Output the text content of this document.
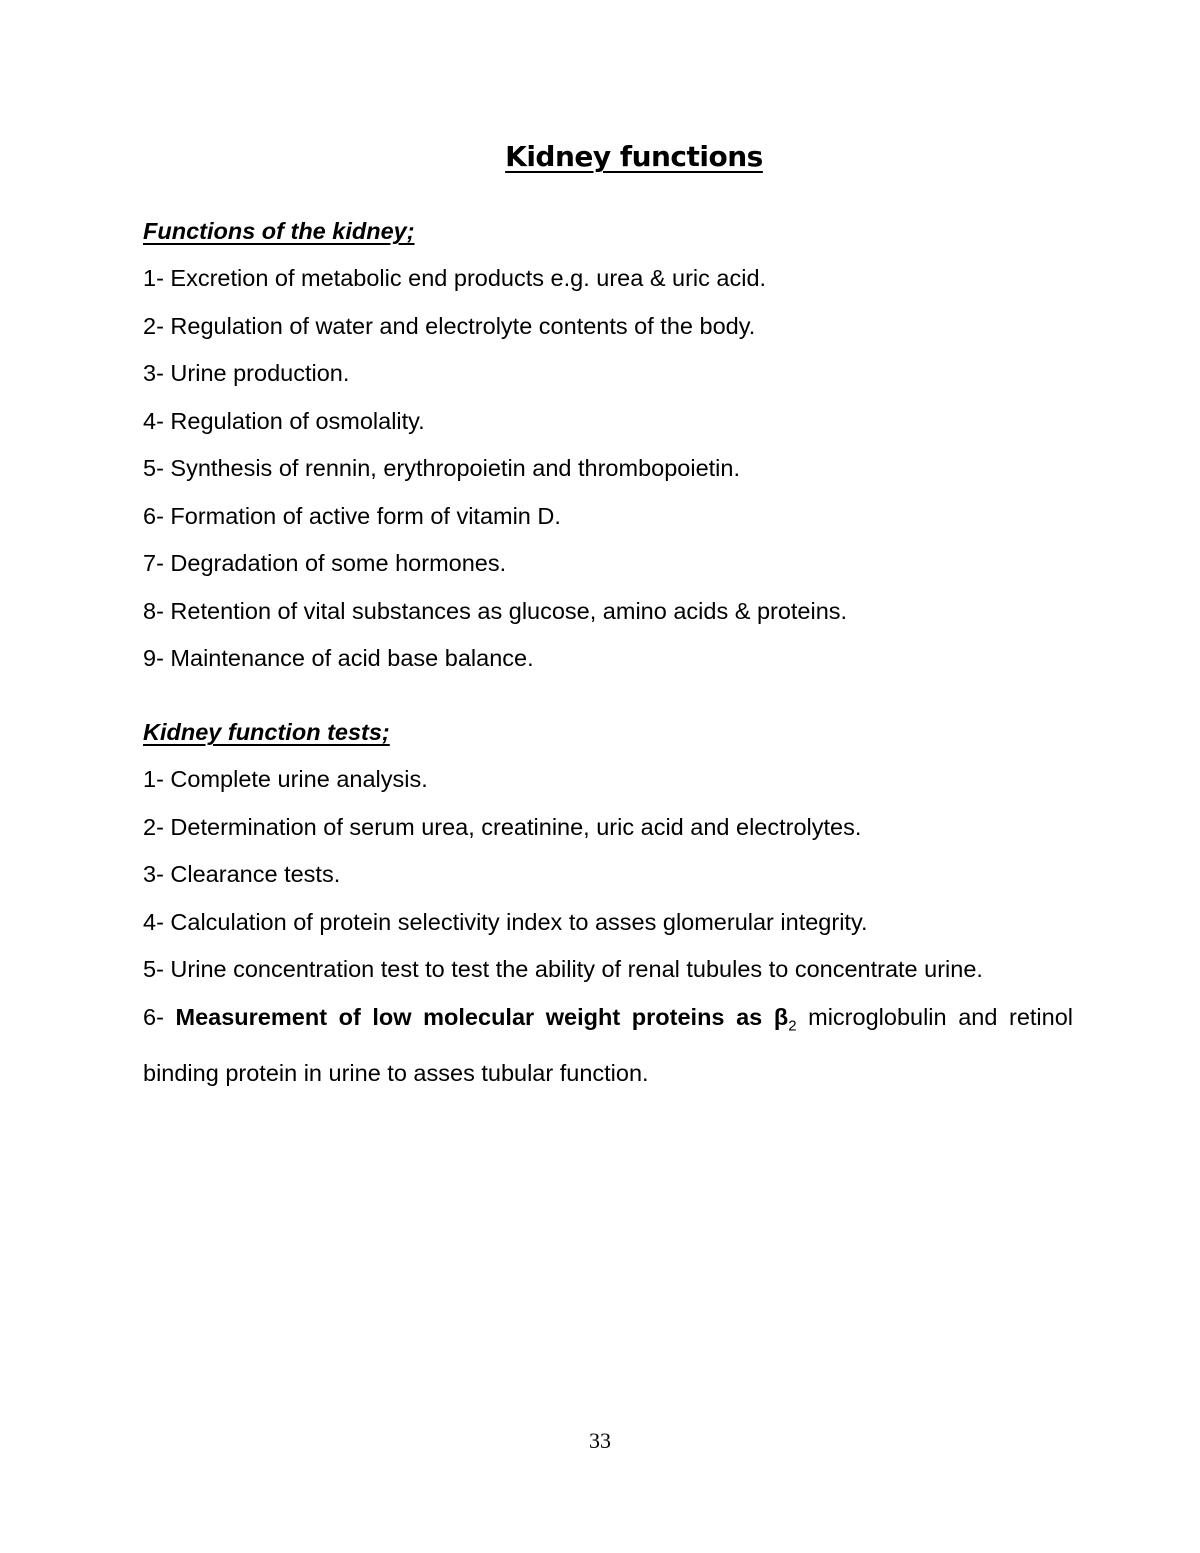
Kidney functions
Functions of the kidney;
1- Excretion of metabolic end products e.g. urea & uric acid.
2- Regulation of water and electrolyte contents of the body.
3- Urine production.
4- Regulation of osmolality.
5- Synthesis of rennin, erythropoietin and thrombopoietin.
6- Formation of active form of vitamin D.
7- Degradation of some hormones.
8- Retention of vital substances as glucose, amino acids & proteins.
9- Maintenance of acid base balance.
Kidney function tests;
1- Complete urine analysis.
2- Determination of serum urea, creatinine, uric acid and electrolytes.
3- Clearance tests.
4- Calculation of protein selectivity index to asses glomerular integrity.
5- Urine concentration test to test the ability of renal tubules to concentrate urine.
6- Measurement of low molecular weight proteins as $\beta_2$ microglobulin and retinol binding protein in urine to asses tubular function.
33
